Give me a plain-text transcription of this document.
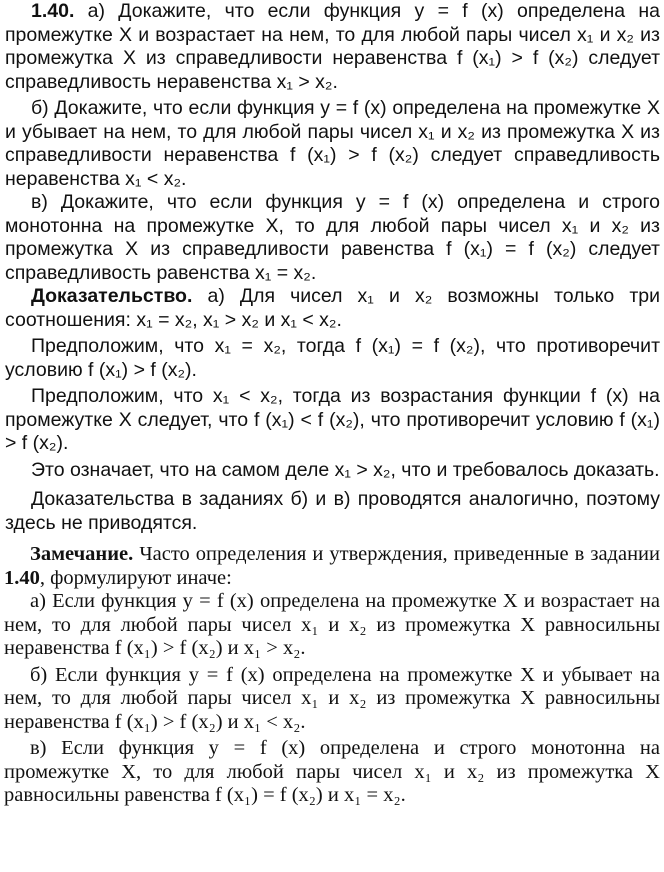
1.40. а) Докажите, что если функция y = f (x) определена на промежутке X и возрастает на нем, то для любой пары чисел x₁ и x₂ из промежутка X из справедливости неравенства f (x₁) > f (x₂) следует справедливость неравенства x₁ > x₂.

б) Докажите, что если функция y = f (x) определена на промежутке X и убывает на нем, то для любой пары чисел x₁ и x₂ из промежутка X из справедливости неравенства f (x₁) > f (x₂) следует справедливость неравенства x₁ < x₂.

в) Докажите, что если функция y = f (x) определена и строго монотонна на промежутке X, то для любой пары чисел x₁ и x₂ из промежутка X из справедливости равенства f (x₁) = f (x₂) следует справедливость равенства x₁ = x₂.

Доказательство. а) Для чисел x₁ и x₂ возможны только три соотношения: x₁ = x₂, x₁ > x₂ и x₁ < x₂.

Предположим, что x₁ = x₂, тогда f (x₁) = f (x₂), что противоречит условию f (x₁) > f (x₂).

Предположим, что x₁ < x₂, тогда из возрастания функции f (x) на промежутке X следует, что f (x₁) < f (x₂), что противоречит условию f (x₁) > f (x₂).

Это означает, что на самом деле x₁ > x₂, что и требовалось доказать.

Доказательства в заданиях б) и в) проводятся аналогично, поэтому здесь не приводятся.

Замечание. Часто определения и утверждения, приведенные в задании 1.40, формулируют иначе:

а) Если функция y = f (x) определена на промежутке X и возрастает на нем, то для любой пары чисел x₁ и x₂ из промежутка X равносильны неравенства f (x₁) > f (x₂) и x₁ > x₂.

б) Если функция y = f (x) определена на промежутке X и убывает на нем, то для любой пары чисел x₁ и x₂ из промежутка X равносильны неравенства f (x₁) > f (x₂) и x₁ < x₂.

в) Если функция y = f (x) определена и строго монотонна на промежутке X, то для любой пары чисел x₁ и x₂ из промежутка X равносильны равенства f (x₁) = f (x₂) и x₁ = x₂.
